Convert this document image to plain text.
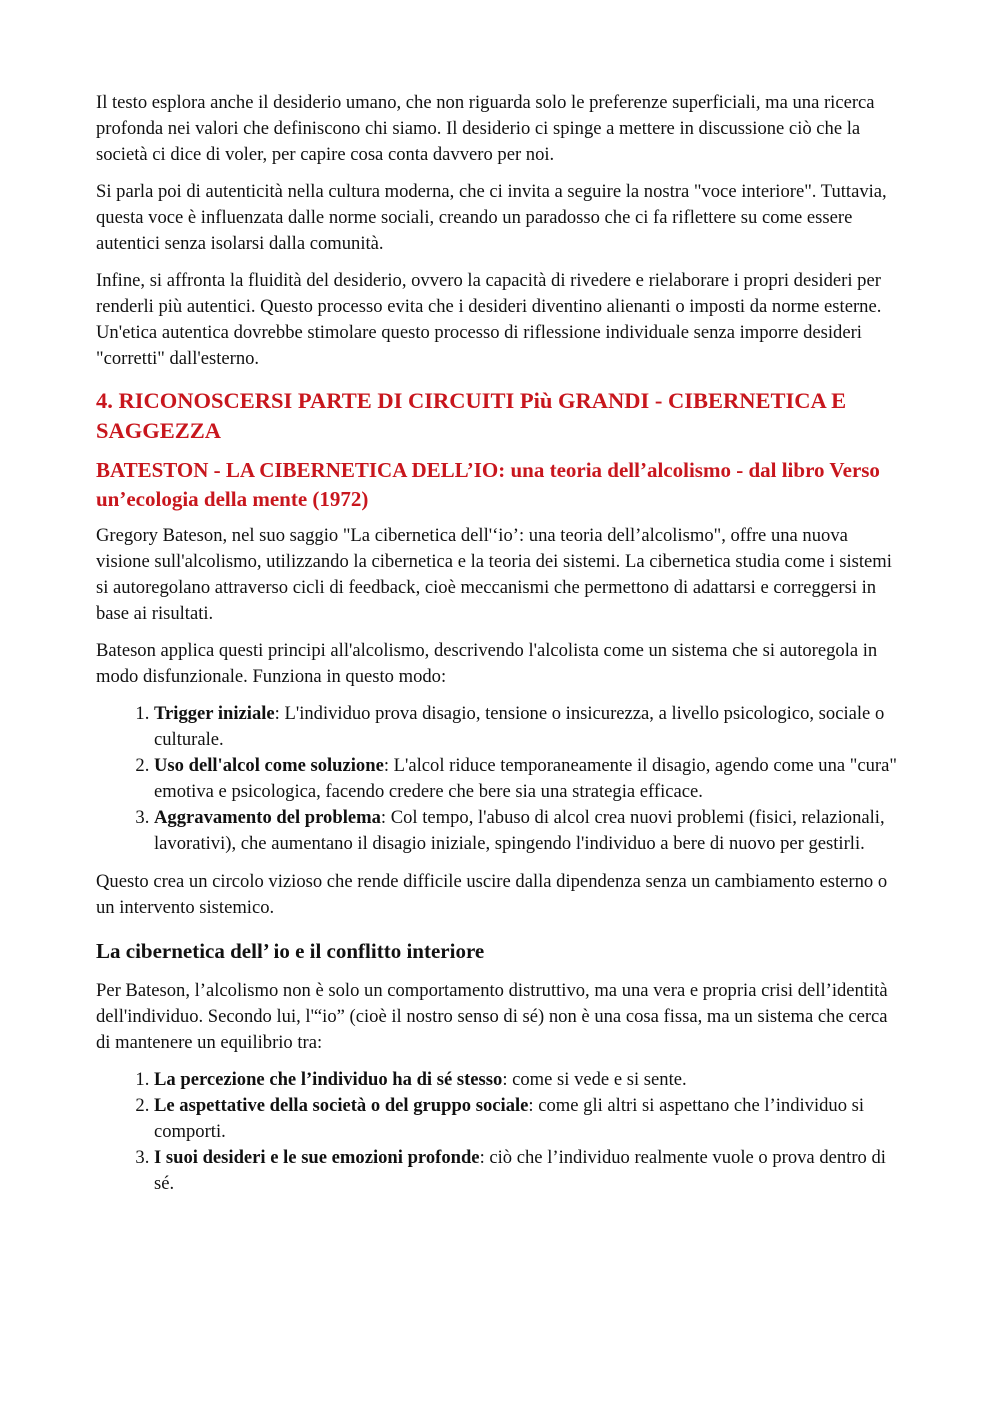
Il testo esplora anche il desiderio umano, che non riguarda solo le preferenze superficiali, ma una ricerca profonda nei valori che definiscono chi siamo. Il desiderio ci spinge a mettere in discussione ciò che la società ci dice di voler, per capire cosa conta davvero per noi.

Si parla poi di autenticità nella cultura moderna, che ci invita a seguire la nostra "voce interiore". Tuttavia, questa voce è influenzata dalle norme sociali, creando un paradosso che ci fa riflettere su come essere autentici senza isolarsi dalla comunità.

Infine, si affronta la fluidità del desiderio, ovvero la capacità di rivedere e rielaborare i propri desideri per renderli più autentici. Questo processo evita che i desideri diventino alienanti o imposti da norme esterne. Un'etica autentica dovrebbe stimolare questo processo di riflessione individuale senza imporre desideri "corretti" dall'esterno.

4. RICONOSCERSI PARTE DI CIRCUITI Più GRANDI - CIBERNETICA E SAGGEZZA
BATESTON - LA CIBERNETICA DELL’IO: una teoria dell’alcolismo - dal libro Verso un’ecologia della mente (1972)

Gregory Bateson, nel suo saggio "La cibernetica dell'‘io’: una teoria dell’alcolismo", offre una nuova visione sull'alcolismo, utilizzando la cibernetica e la teoria dei sistemi. La cibernetica studia come i sistemi si autoregolano attraverso cicli di feedback, cioè meccanismi che permettono di adattarsi e correggersi in base ai risultati.

Bateson applica questi principi all'alcolismo, descrivendo l'alcolista come un sistema che si autoregola in modo disfunzionale. Funziona in questo modo:

1. Trigger iniziale: L'individuo prova disagio, tensione o insicurezza, a livello psicologico, sociale o culturale.
2. Uso dell'alcol come soluzione: L'alcol riduce temporaneamente il disagio, agendo come una "cura" emotiva e psicologica, facendo credere che bere sia una strategia efficace.
3. Aggravamento del problema: Col tempo, l'abuso di alcol crea nuovi problemi (fisici, relazionali, lavorativi), che aumentano il disagio iniziale, spingendo l'individuo a bere di nuovo per gestirli.

Questo crea un circolo vizioso che rende difficile uscire dalla dipendenza senza un cambiamento esterno o un intervento sistemico.

La cibernetica dell’ io e il conflitto interiore

Per Bateson, l’alcolismo non è solo un comportamento distruttivo, ma una vera e propria crisi dell’identità dell'individuo. Secondo lui, l'“io” (cioè il nostro senso di sé) non è una cosa fissa, ma un sistema che cerca di mantenere un equilibrio tra:

1. La percezione che l’individuo ha di sé stesso: come si vede e si sente.
2. Le aspettative della società o del gruppo sociale: come gli altri si aspettano che l’individuo si comporti.
3. I suoi desideri e le sue emozioni profonde: ciò che l’individuo realmente vuole o prova dentro di sé.
